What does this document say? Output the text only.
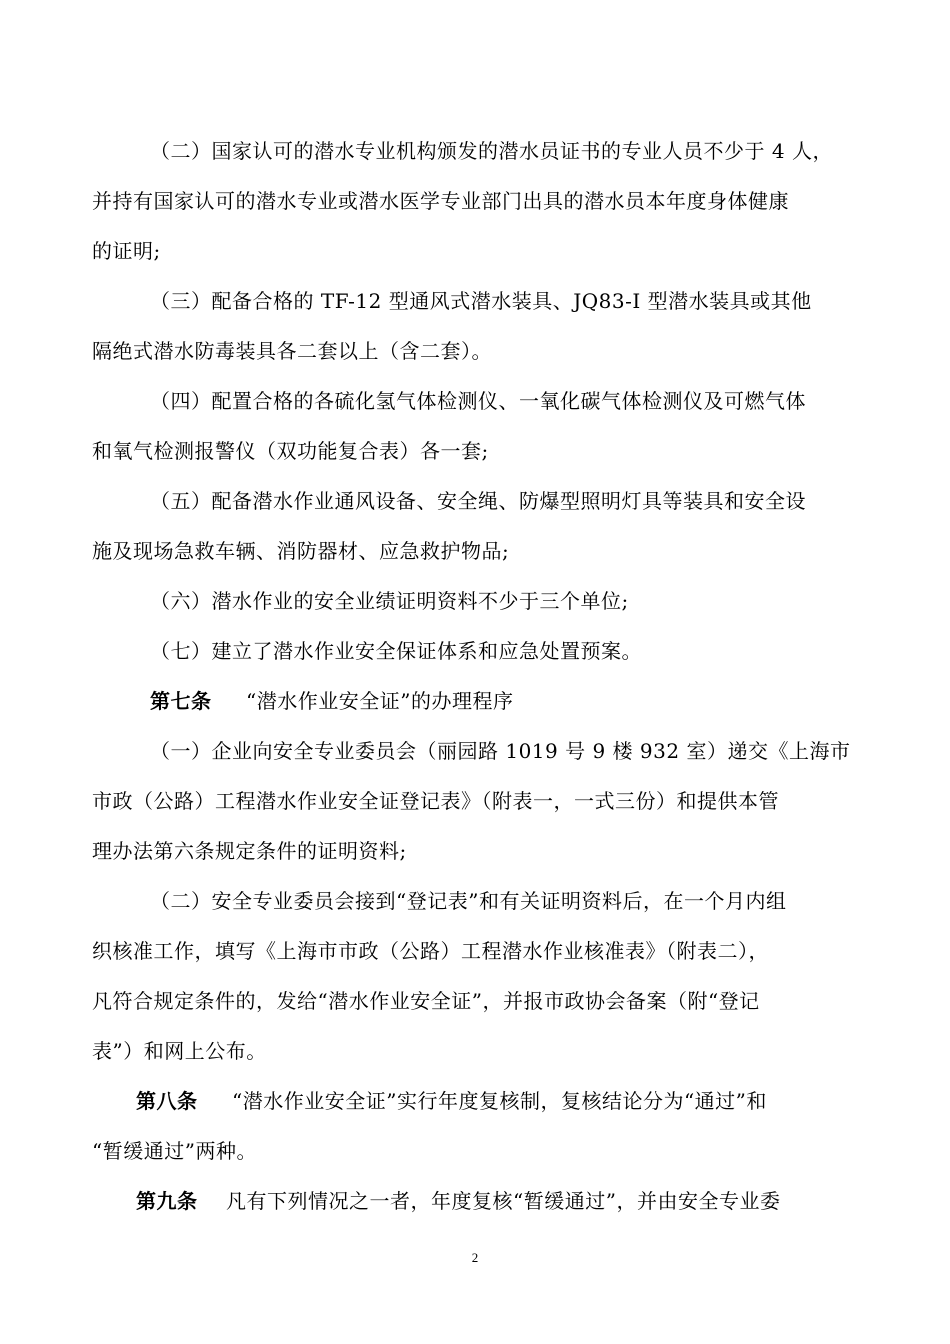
（二）国家认可的潜水专业机构颁发的潜水员证书的专业人员不少于 4 人，
并持有国家认可的潜水专业或潜水医学专业部门出具的潜水员本年度身体健康
的证明;
（三）配备合格的 TF-12 型通风式潜水装具、JQ83-Ⅰ 型潜水装具或其他
隔绝式潜水防毒装具各二套以上（含二套）。
（四）配置合格的各硫化氢气体检测仪、一氧化碳气体检测仪及可燃气体
和氧气检测报警仪（双功能复合表）各一套;
（五）配备潜水作业通风设备、安全绳、防爆型照明灯具等装具和安全设
施及现场急救车辆、消防器材、应急救护物品;
（六）潜水作业的安全业绩证明资料不少于三个单位;
（七）建立了潜水作业安全保证体系和应急处置预案。
第七条 “潜水作业安全证”的办理程序
（一）企业向安全专业委员会（丽园路 1019 号 9 楼 932 室）递交《上海市
市政（公路）工程潜水作业安全证登记表》（附表一，一式三份）和提供本管
理办法第六条规定条件的证明资料;
（二）安全专业委员会接到“登记表”和有关证明资料后，在一个月内组
织核准工作，填写《上海市市政（公路）工程潜水作业核准表》（附表二），
凡符合规定条件的，发给“潜水作业安全证”，并报市政协会备案（附“登记
表”）和网上公布。
第八条 “潜水作业安全证”实行年度复核制，复核结论分为“通过”和
“暂缓通过”两种。
第九条 凡有下列情况之一者，年度复核“暂缓通过”，并由安全专业委
2
